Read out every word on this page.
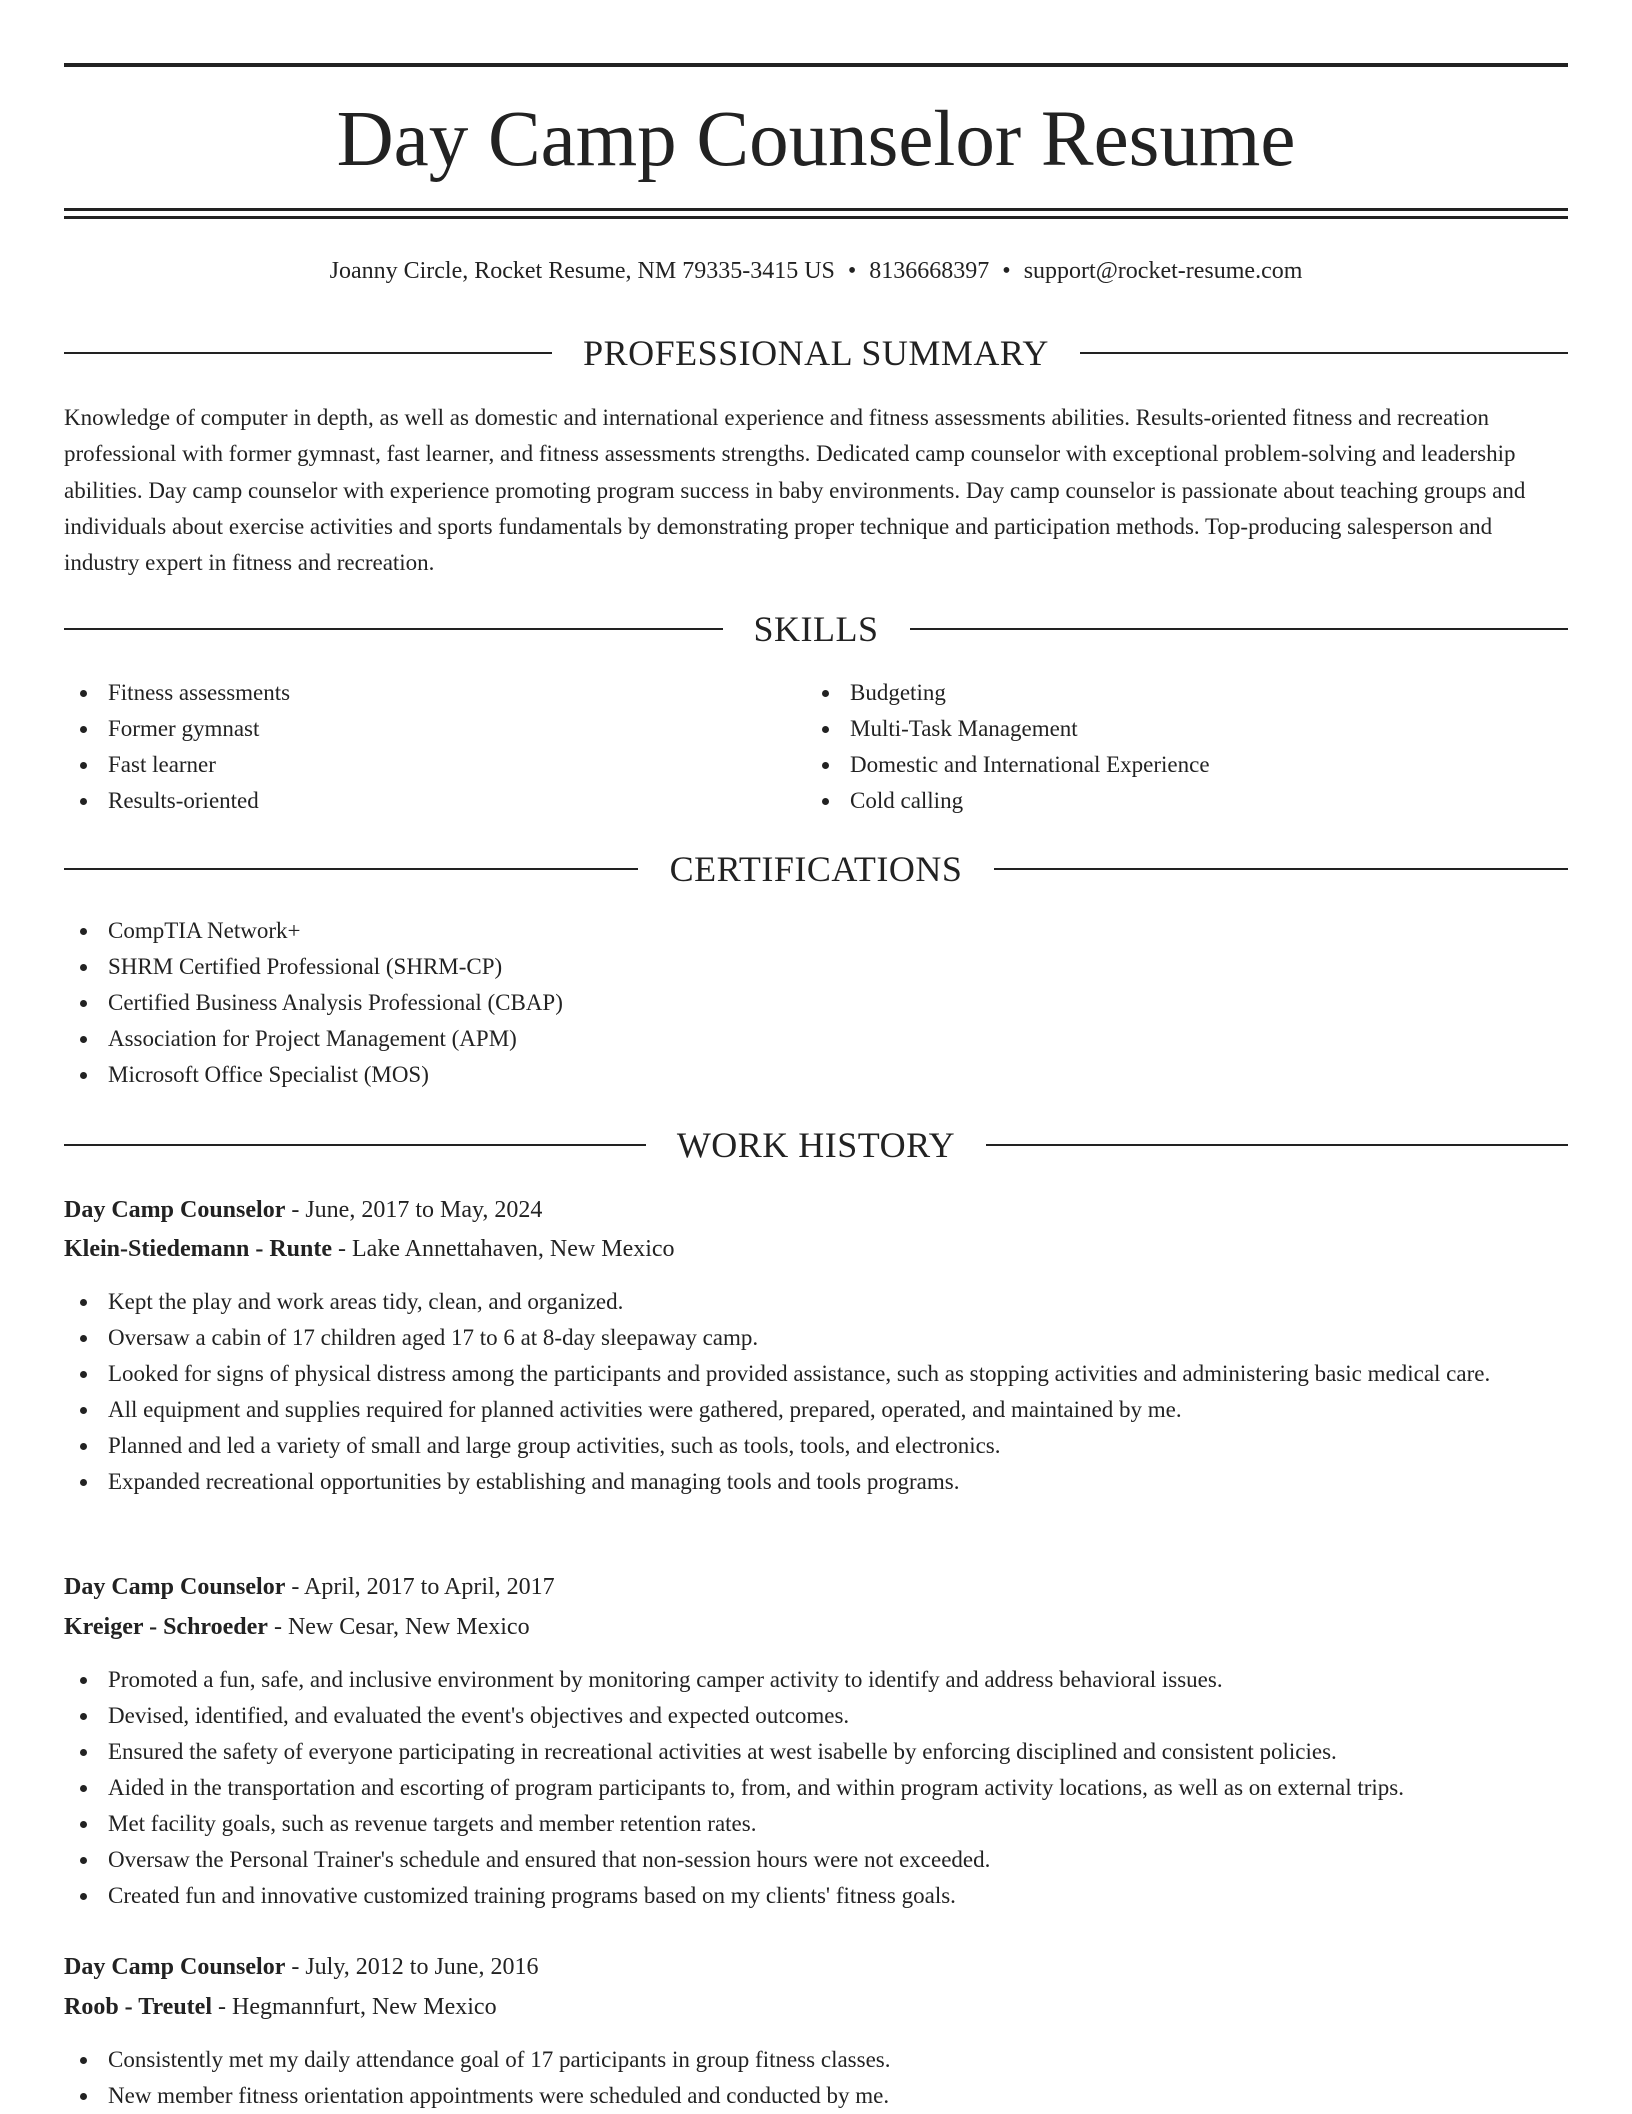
Day Camp Counselor Resume
Joanny Circle, Rocket Resume, NM 79335-3415 US • 8136668397 • support@rocket-resume.com
PROFESSIONAL SUMMARY

Knowledge of computer in depth, as well as domestic and international experience and fitness assessments abilities. Results-oriented fitness and recreation professional with former gymnast, fast learner, and fitness assessments strengths. Dedicated camp counselor with exceptional problem-solving and leadership abilities. Day camp counselor with experience promoting program success in baby environments. Day camp counselor is passionate about teaching groups and individuals about exercise activities and sports fundamentals by demonstrating proper technique and participation methods. Top-producing salesperson and industry expert in fitness and recreation.

SKILLS
Fitness assessments
Former gymnast
Fast learner
Results-oriented
Budgeting
Multi-Task Management
Domestic and International Experience
Cold calling
CERTIFICATIONS
CompTIA Network+
SHRM Certified Professional (SHRM-CP)
Certified Business Analysis Professional (CBAP)
Association for Project Management (APM)
Microsoft Office Specialist (MOS)
WORK HISTORY
Day Camp Counselor - June, 2017 to May, 2024
Klein-Stiedemann - Runte - Lake Annettahaven, New Mexico
Kept the play and work areas tidy, clean, and organized.
Oversaw a cabin of 17 children aged 17 to 6 at 8-day sleepaway camp.
Looked for signs of physical distress among the participants and provided assistance, such as stopping activities and administering basic medical care.
All equipment and supplies required for planned activities were gathered, prepared, operated, and maintained by me.
Planned and led a variety of small and large group activities, such as tools, tools, and electronics.
Expanded recreational opportunities by establishing and managing tools and tools programs.
Day Camp Counselor - April, 2017 to April, 2017
Kreiger - Schroeder - New Cesar, New Mexico
Promoted a fun, safe, and inclusive environment by monitoring camper activity to identify and address behavioral issues.
Devised, identified, and evaluated the event's objectives and expected outcomes.
Ensured the safety of everyone participating in recreational activities at west isabelle by enforcing disciplined and consistent policies.
Aided in the transportation and escorting of program participants to, from, and within program activity locations, as well as on external trips.
Met facility goals, such as revenue targets and member retention rates.
Oversaw the Personal Trainer's schedule and ensured that non-session hours were not exceeded.
Created fun and innovative customized training programs based on my clients' fitness goals.
Day Camp Counselor - July, 2012 to June, 2016
Roob - Treutel - Hegmannfurt, New Mexico
Consistently met my daily attendance goal of 17 participants in group fitness classes.
New member fitness orientation appointments were scheduled and conducted by me.
